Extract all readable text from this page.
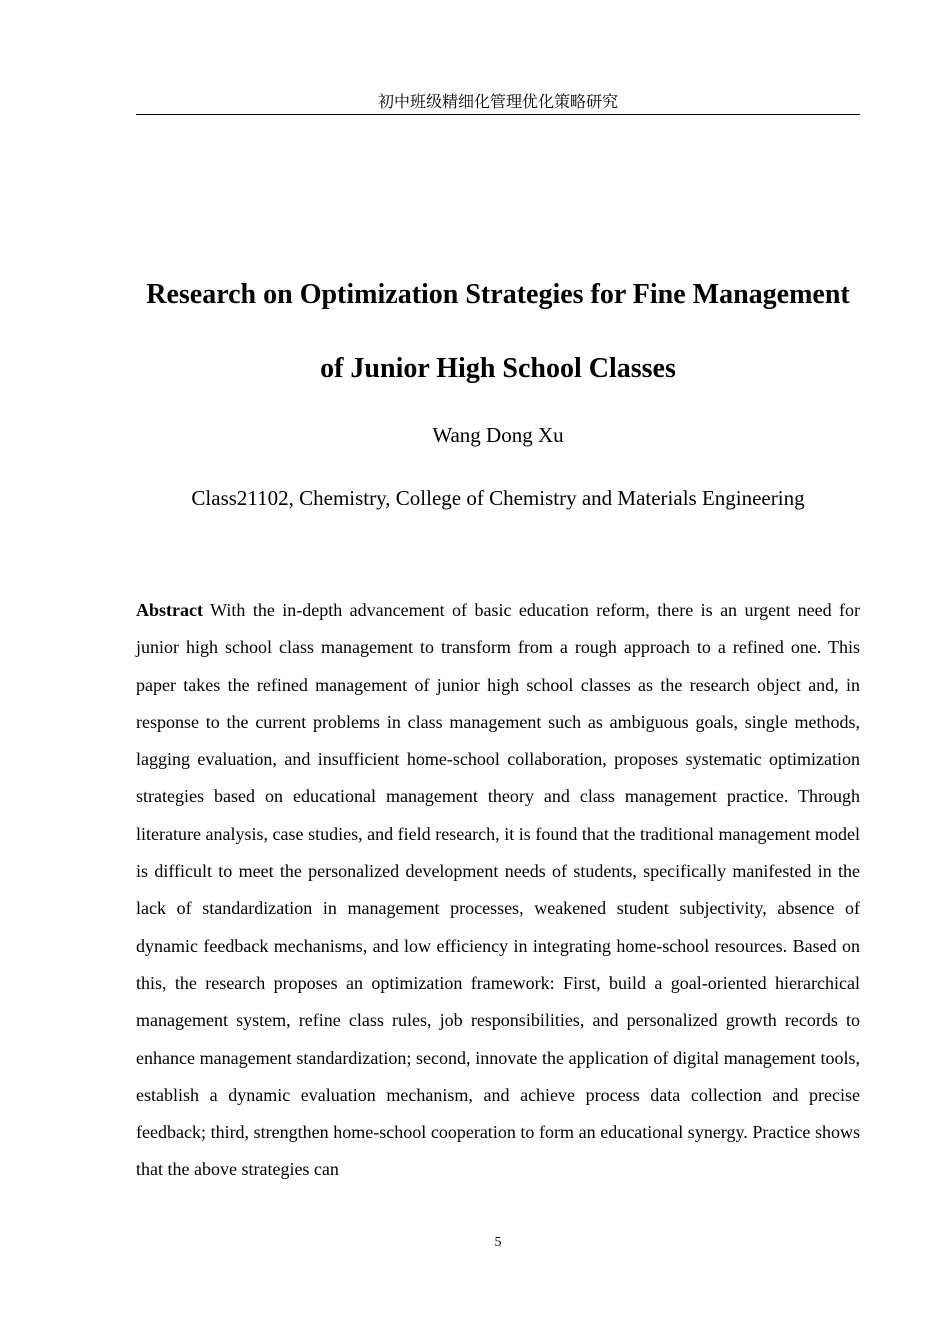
初中班级精细化管理优化策略研究
Research on Optimization Strategies for Fine Management
of Junior High School Classes
Wang Dong Xu
Class21102, Chemistry, College of Chemistry and Materials Engineering

Abstract With the in-depth advancement of basic education reform, there is an urgent need for junior high school class management to transform from a rough approach to a refined one. This paper takes the refined management of junior high school classes as the research object and, in response to the current problems in class management such as ambiguous goals, single methods, lagging evaluation, and insufficient home-school collaboration, proposes systematic optimization strategies based on educational management theory and class management practice. Through literature analysis, case studies, and field research, it is found that the traditional management model is difficult to meet the personalized development needs of students, specifically manifested in the lack of standardization in management processes, weakened student subjectivity, absence of dynamic feedback mechanisms, and low efficiency in integrating home-school resources. Based on this, the research proposes an optimization framework: First, build a goal-oriented hierarchical management system, refine class rules, job responsibilities, and personalized growth records to enhance management standardization; second, innovate the application of digital management tools, establish a dynamic evaluation mechanism, and achieve process data collection and precise feedback; third, strengthen home-school cooperation to form an educational synergy. Practice shows that the above strategies can

5
